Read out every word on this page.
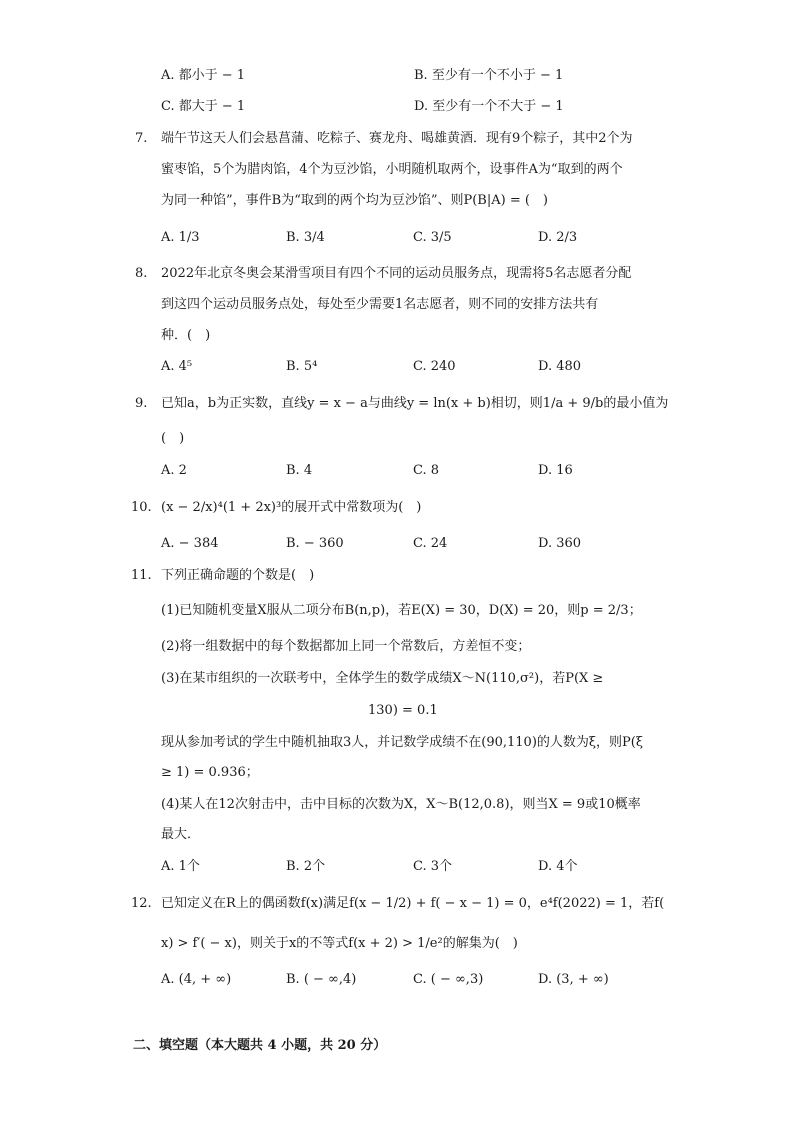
A. 都小于 − 1	B. 至少有一个不小于 − 1
C. 都大于 − 1	D. 至少有一个不大于 − 1
7. 端午节这天人们会悬菖蒲、吃粽子、赛龙舟、喝雄黄酒．现有9个粽子，其中2个为
蜜枣馅，5个为腊肉馅，4个为豆沙馅，小明随机取两个，设事件A为“取到的两个
为同一种馅”，事件B为“取到的两个均为豆沙馅”、则P(B|A) = (　)
A. 1/3	B. 3/4	C. 3/5	D. 2/3
8. 2022年北京冬奥会某滑雪项目有四个不同的运动员服务点，现需将5名志愿者分配
到这四个运动员服务点处，每处至少需要1名志愿者，则不同的安排方法共有
种．(　)
A. 4⁵	B. 5⁴	C. 240	D. 480
9. 已知a，b为正实数，直线y = x − a与曲线y = ln(x + b)相切，则1/a + 9/b的最小值为
(　)
A. 2	B. 4	C. 8	D. 16
10. (x − 2/x)⁴(1 + 2x)³的展开式中常数项为(　)
A. − 384	B. − 360	C. 24	D. 360
11. 下列正确命题的个数是(　)
(1)已知随机变量X服从二项分布B(n,p)，若E(X) = 30，D(X) = 20，则p = 2/3；
(2)将一组数据中的每个数据都加上同一个常数后，方差恒不变；
(3)在某市组织的一次联考中，全体学生的数学成绩X～N(110,σ²)，若P(X ≥
130) = 0.1
现从参加考试的学生中随机抽取3人，并记数学成绩不在(90,110)的人数为ξ，则P(ξ
≥ 1) = 0.936；
(4)某人在12次射击中，击中目标的次数为X，X～B(12,0.8)，则当X = 9或10概率
最大．
A. 1个	B. 2个	C. 3个	D. 4个
12. 已知定义在R上的偶函数f(x)满足f(x − 1/2) + f( − x − 1) = 0，e⁴f(2022) = 1，若f(
x) > f′( − x)，则关于x的不等式f(x + 2) > 1/e²的解集为(　)
A. (4, + ∞)	B. ( − ∞,4)	C. ( − ∞,3)	D. (3, + ∞)
二、填空题（本大题共 4 小题，共 20 分）
